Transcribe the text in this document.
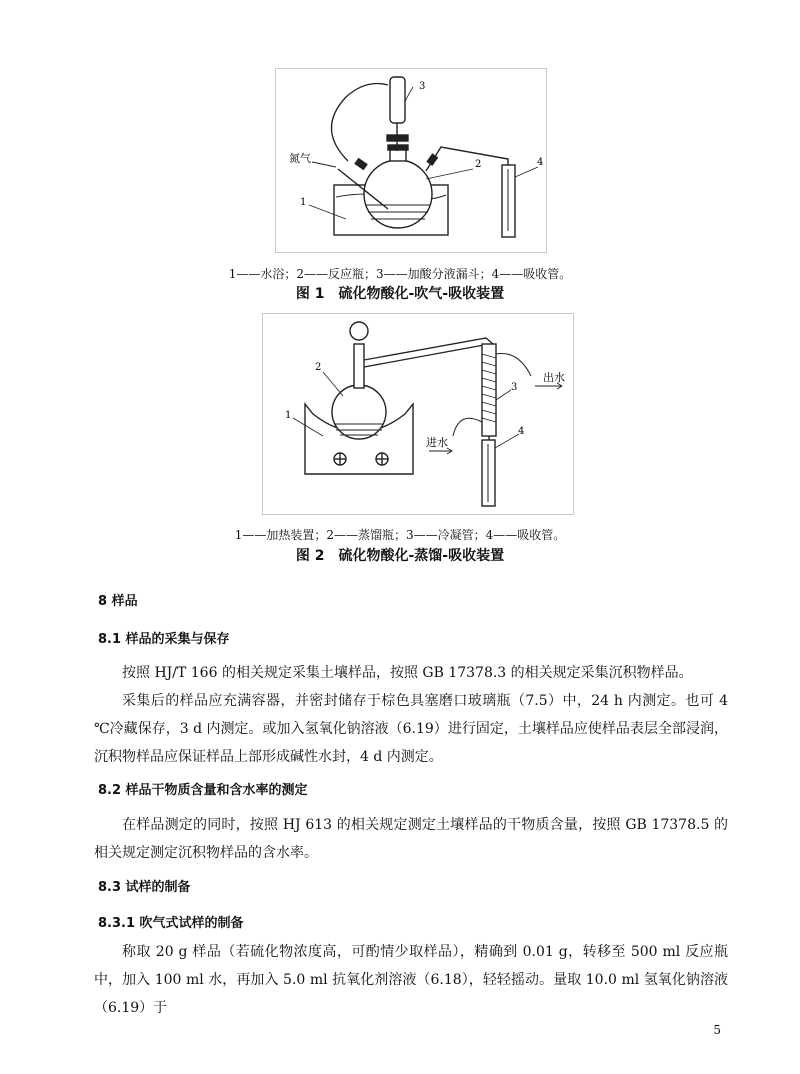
3
2
1
4
氮气
1——水浴；2——反应瓶；3——加酸分液漏斗；4——吸收管。
图 1　硫化物酸化-吹气-吸收装置
2
1
3
4
出水
进水
1——加热装置；2——蒸馏瓶；3——冷凝管；4——吸收管。
图 2　硫化物酸化-蒸馏-吸收装置
8 样品
8.1 样品的采集与保存

按照 HJ/T 166 的相关规定采集土壤样品，按照 GB 17378.3 的相关规定采集沉积物样品。

采集后的样品应充满容器，并密封储存于棕色具塞磨口玻璃瓶（7.5）中，24 h 内测定。也可 4 ℃冷藏保存，3 d 内测定。或加入氢氧化钠溶液（6.19）进行固定，土壤样品应使样品表层全部浸润，沉积物样品应保证样品上部形成碱性水封，4 d 内测定。

8.2 样品干物质含量和含水率的测定

在样品测定的同时，按照 HJ 613 的相关规定测定土壤样品的干物质含量，按照 GB 17378.5 的相关规定测定沉积物样品的含水率。

8.3 试样的制备
8.3.1 吹气式试样的制备

称取 20 g 样品（若硫化物浓度高，可酌情少取样品），精确到 0.01 g，转移至 500 ml 反应瓶中，加入 100 ml 水，再加入 5.0 ml 抗氧化剂溶液（6.18），轻轻摇动。量取 10.0 ml 氢氧化钠溶液（6.19）于

5
